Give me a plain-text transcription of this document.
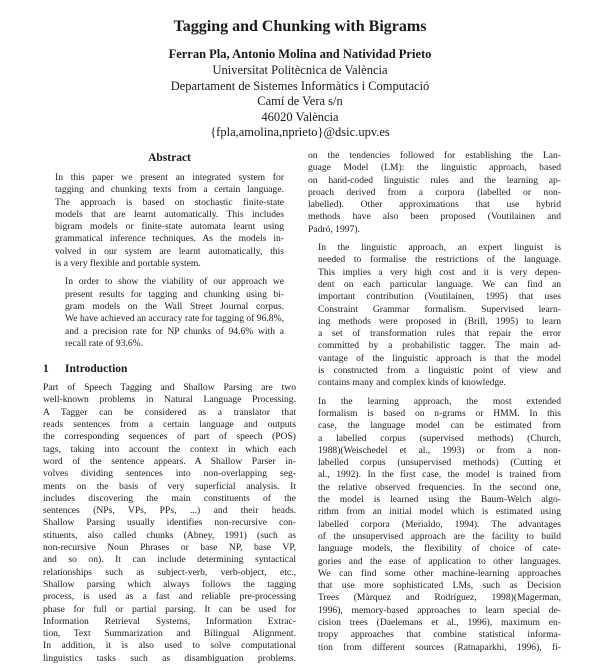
Tagging and Chunking with Bigrams
Ferran Pla, Antonio Molina and Natividad Prieto
Universitat Politècnica de València
Departament de Sistemes Informàtics i Computació
Camí de Vera s/n
46020 València
{fpla,amolina,nprieto}@dsic.upv.es
Abstract

In this paper we present an integrated system for
tagging and chunking texts from a certain language.
The approach is based on stochastic finite-state
models that are learnt automatically. This includes
bigram models or finite-state automata learnt using
grammatical inference techniques. As the models in-
volved in our system are learnt automatically, this
is a very flexible and portable system.

In order to show the viability of our approach we
present results for tagging and chunking using bi-
gram models on the Wall Street Journal corpus.
We have achieved an accuracy rate for tagging of 96.8%,
and a precision rate for NP chunks of 94.6% with a
recall rate of 93.6%.

1 Introduction

Part of Speech Tagging and Shallow Parsing are two
well-known problems in Natural Language Processing.
A Tagger can be considered as a translator that
reads sentences from a certain language and outputs
the corresponding sequences of part of speech (POS)
tags, taking into account the context in which each
word of the sentence appears. A Shallow Parser in-
volves dividing sentences into non-overlapping seg-
ments on the basis of very superficial analysis. It
includes discovering the main constituents of the
sentences (NPs, VPs, PPs, ...) and their heads.
Shallow Parsing usually identifies non-recursive con-
stituents, also called chunks (Abney, 1991) (such as
non-recursive Noun Phrases or base NP, base VP,
and so on). It can include determining syntactical
relationships such as subject-verb, verb-object, etc.,
Shallow parsing which always follows the tagging
process, is used as a fast and reliable pre-processing
phase for full or partial parsing. It can be used for
Information Retrieval Systems, Information Extrac-
tion, Text Summarization and Bilingual Alignment.
In addition, it is also used to solve computational
linguistics tasks such as disambiguation problems.

on the tendencies followed for establishing the Lan-
guage Model (LM): the linguistic approach, based
on hand-coded linguistic rules and the learning ap-
proach derived from a corpora (labelled or non-
labelled). Other approximations that use hybrid
methods have also been proposed (Voutilainen and
Padró, 1997).

In the linguistic approach, an expert linguist is
needed to formalise the restrictions of the language.
This implies a very high cost and it is very depen-
dent on each particular language. We can find an
important contribution (Voutilainen, 1995) that uses
Constraint Grammar formalism. Supervised learn-
ing methods were proposed in (Brill, 1995) to learn
a set of transformation rules that repair the error
committed by a probabilistic tagger. The main ad-
vantage of the linguistic approach is that the model
is constructed from a linguistic point of view and
contains many and complex kinds of knowledge.

In the learning approach, the most extended
formalism is based on n-grams or HMM. In this
case, the language model can be estimated from
a labelled corpus (supervised methods) (Church,
1988)(Weischedel et al., 1993) or from a non-
labelled corpus (unsupervised methods) (Cutting et
al., 1992). In the first case, the model is trained from
the relative observed frequencies. In the second one,
the model is learned using the Baum-Welch algo-
rithm from an initial model which is estimated using
labelled corpora (Merialdo, 1994). The advantages
of the unsupervised approach are the facility to build
language models, the flexibility of choice of cate-
gories and the ease of application to other languages.
We can find some other machine-learning approaches
that use more sophisticated LMs, such as Decision
Trees (Màrquez and Rodríguez, 1998)(Magerman,
1996), memory-based approaches to learn special de-
cision trees (Daelemans et al., 1996), maximum en-
tropy approaches that combine statistical informa-
tion from different sources (Ratnaparkhi, 1996), fi-
